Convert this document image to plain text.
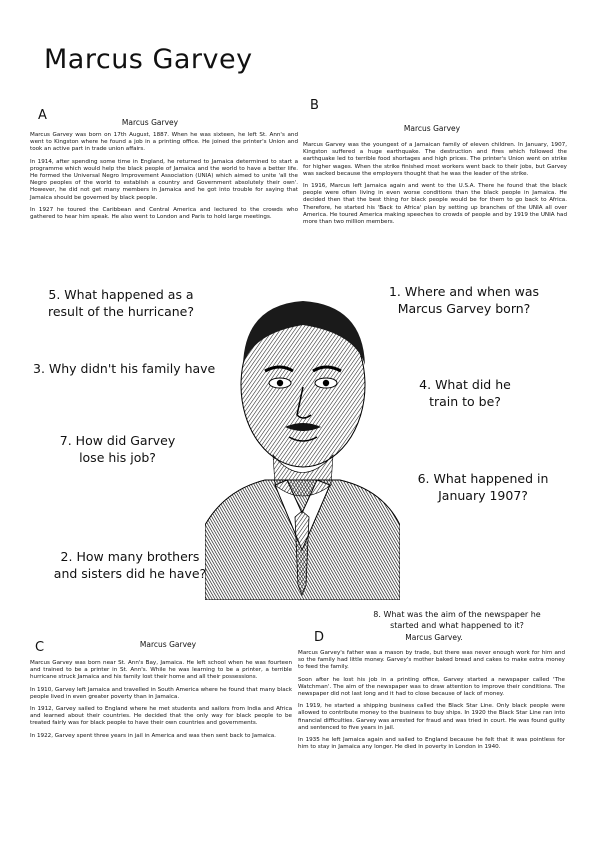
Marcus Garvey
A	Marcus Garvey

Marcus Garvey was born on 17th August, 1887. When he was sixteen, he left St. Ann's and went to Kingston where he found a job in a printing office. He joined the printer's Union and took an active part in trade union affairs.

In 1914, after spending some time in England, he returned to Jamaica determined to start a programme which would help the black people of Jamaica and the world to have a better life. He formed the Universal Negro Improvement Association (UNIA) which aimed to unite 'all the Negro peoples of the world to establish a country and Government absolutely their own'. However, he did not get many members in Jamaica and he got into trouble for saying that Jamaica should be governed by black people.

In 1927 he toured the Caribbean and Central America and lectured to the crowds who gathered to hear him speak. He also went to London and Paris to hold large meetings.

B
Marcus Garvey

Marcus Garvey was the youngest of a Jamaican family of eleven children. In January, 1907, Kingston suffered a huge earthquake. The destruction and fires which followed the earthquake led to terrible food shortages and high prices. The printer's Union went on strike for higher wages. When the strike finished most workers went back to their jobs, but Garvey was sacked because the employers thought that he was the leader of the strike.

In 1916, Marcus left Jamaica again and went to the U.S.A. There he found that the black people were often living in even worse conditions than the black people in Jamaica. He decided then that the best thing for black people would be for them to go back to Africa. Therefore, he started his 'Back to Africa' plan by setting up branches of the UNIA all over America. He toured America making speeches to crowds of people and by 1919 the UNIA had more than two million members.

5. What happened as a result of the hurricane?
1. Where and when was Marcus Garvey born?
3. Why didn't his family have
4. What did he train to be?
7. How did Garvey lose his job?
6. What happened in January 1907?
2. How many brothers and sisters did he have?
8. What was the aim of the newspaper he started and what happened to it?
C	Marcus Garvey

Marcus Garvey was born near St. Ann's Bay, Jamaica. He left school when he was fourteen and trained to be a printer in St. Ann's. While he was learning to be a printer, a terrible hurricane struck Jamaica and his family lost their home and all their possessions.

In 1910, Garvey left Jamaica and travelled in South America where he found that many black people lived in even greater poverty than in Jamaica.

In 1912, Garvey sailed to England where he met students and sailors from India and Africa and learned about their countries. He decided that the only way for black people to be treated fairly was for black people to have their own countries and governments.

In 1922, Garvey spent three years in jail in America and was then sent back to Jamaica.

D	Marcus Garvey.

Marcus Garvey's father was a mason by trade, but there was never enough work for him and so the family had little money. Garvey's mother baked bread and cakes to make extra money to feed the family.

Soon after he lost his job in a printing office, Garvey started a newspaper called 'The Watchman'. The aim of the newspaper was to draw attention to improve their conditions. The newspaper did not last long and it had to close because of lack of money.

In 1919, he started a shipping business called the Black Star Line. Only black people were allowed to contribute money to the business to buy ships. In 1920 the Black Star Line ran into financial difficulties. Garvey was arrested for fraud and was tried in court. He was found guilty and sentenced to five years in jail.

In 1935 he left Jamaica again and sailed to England because he felt that it was pointless for him to stay in Jamaica any longer. He died in poverty in London in 1940.
